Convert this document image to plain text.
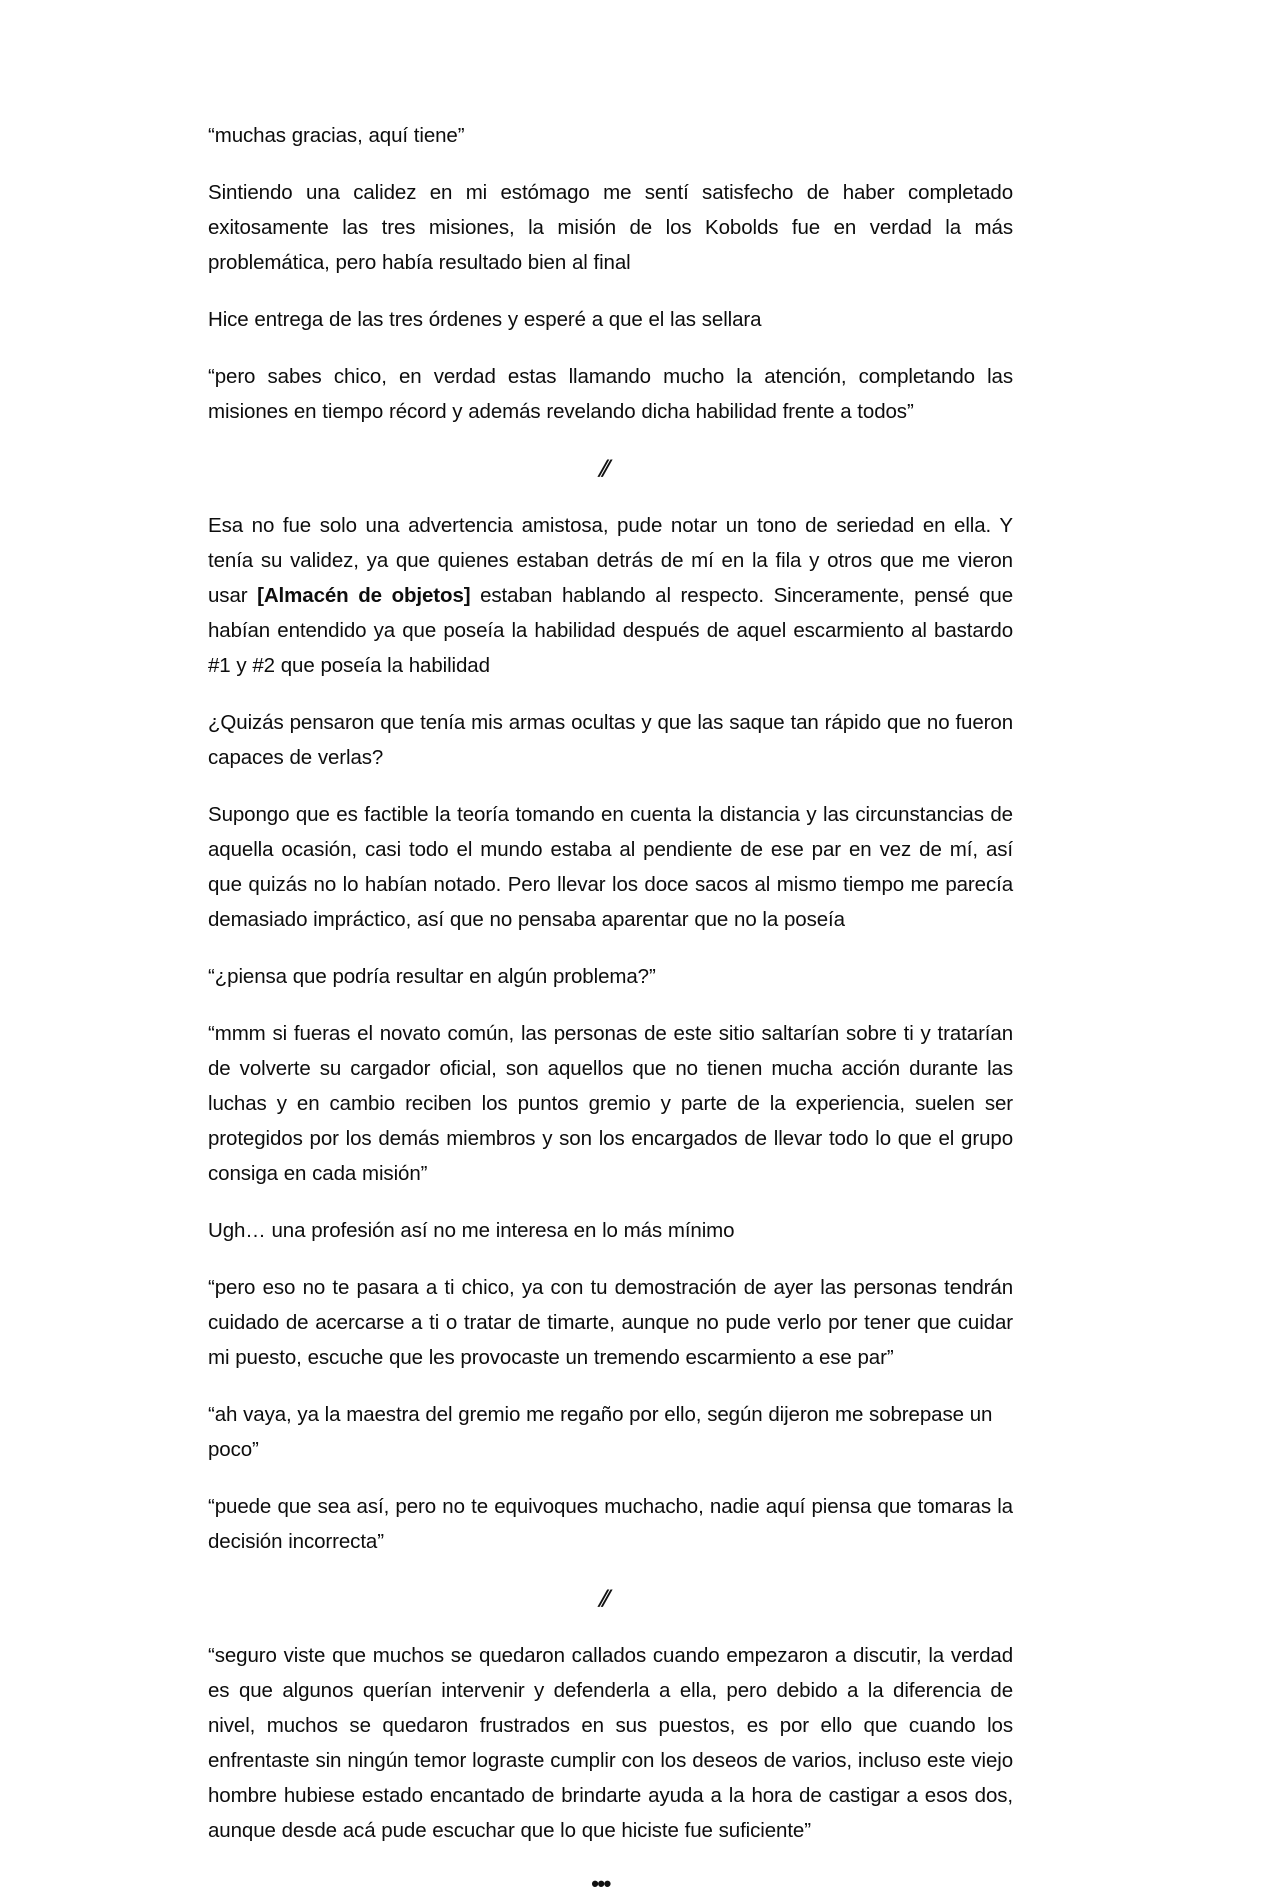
“muchas gracias, aquí tiene”

Sintiendo una calidez en mi estómago me sentí satisfecho de haber completado exitosamente las tres misiones, la misión de los Kobolds fue en verdad la más problemática, pero había resultado bien al final

Hice entrega de las tres órdenes y esperé a que el las sellara

“pero sabes chico, en verdad estas llamando mucho la atención, completando las misiones en tiempo récord y además revelando dicha habilidad frente a todos”

⫽

Esa no fue solo una advertencia amistosa, pude notar un tono de seriedad en ella. Y tenía su validez, ya que quienes estaban detrás de mí en la fila y otros que me vieron usar [Almacén de objetos] estaban hablando al respecto. Sinceramente, pensé que habían entendido ya que poseía la habilidad después de aquel escarmiento al bastardo #1 y #2 que poseía la habilidad

¿Quizás pensaron que tenía mis armas ocultas y que las saque tan rápido que no fueron capaces de verlas?

Supongo que es factible la teoría tomando en cuenta la distancia y las circunstancias de aquella ocasión, casi todo el mundo estaba al pendiente de ese par en vez de mí, así que quizás no lo habían notado. Pero llevar los doce sacos al mismo tiempo me parecía demasiado impráctico, así que no pensaba aparentar que no la poseía

“¿piensa que podría resultar en algún problema?”

“mmm si fueras el novato común, las personas de este sitio saltarían sobre ti y tratarían de volverte su cargador oficial, son aquellos que no tienen mucha acción durante las luchas y en cambio reciben los puntos gremio y parte de la experiencia, suelen ser protegidos por los demás miembros y son los encargados de llevar todo lo que el grupo consiga en cada misión”

Ugh… una profesión así no me interesa en lo más mínimo

“pero eso no te pasara a ti chico, ya con tu demostración de ayer las personas tendrán cuidado de acercarse a ti o tratar de timarte, aunque no pude verlo por tener que cuidar mi puesto, escuche que les provocaste un tremendo escarmiento a ese par”

“ah vaya, ya la maestra del gremio me regaño por ello, según dijeron me sobrepase un poco”

“puede que sea así, pero no te equivoques muchacho, nadie aquí piensa que tomaras la decisión incorrecta”

⫽

“seguro viste que muchos se quedaron callados cuando empezaron a discutir, la verdad es que algunos querían intervenir y defenderla a ella, pero debido a la diferencia de nivel, muchos se quedaron frustrados en sus puestos, es por ello que cuando los enfrentaste sin ningún temor lograste cumplir con los deseos de varios, incluso este viejo hombre hubiese estado encantado de brindarte ayuda a la hora de castigar a esos dos, aunque desde acá pude escuchar que lo que hiciste fue suficiente”

•••
